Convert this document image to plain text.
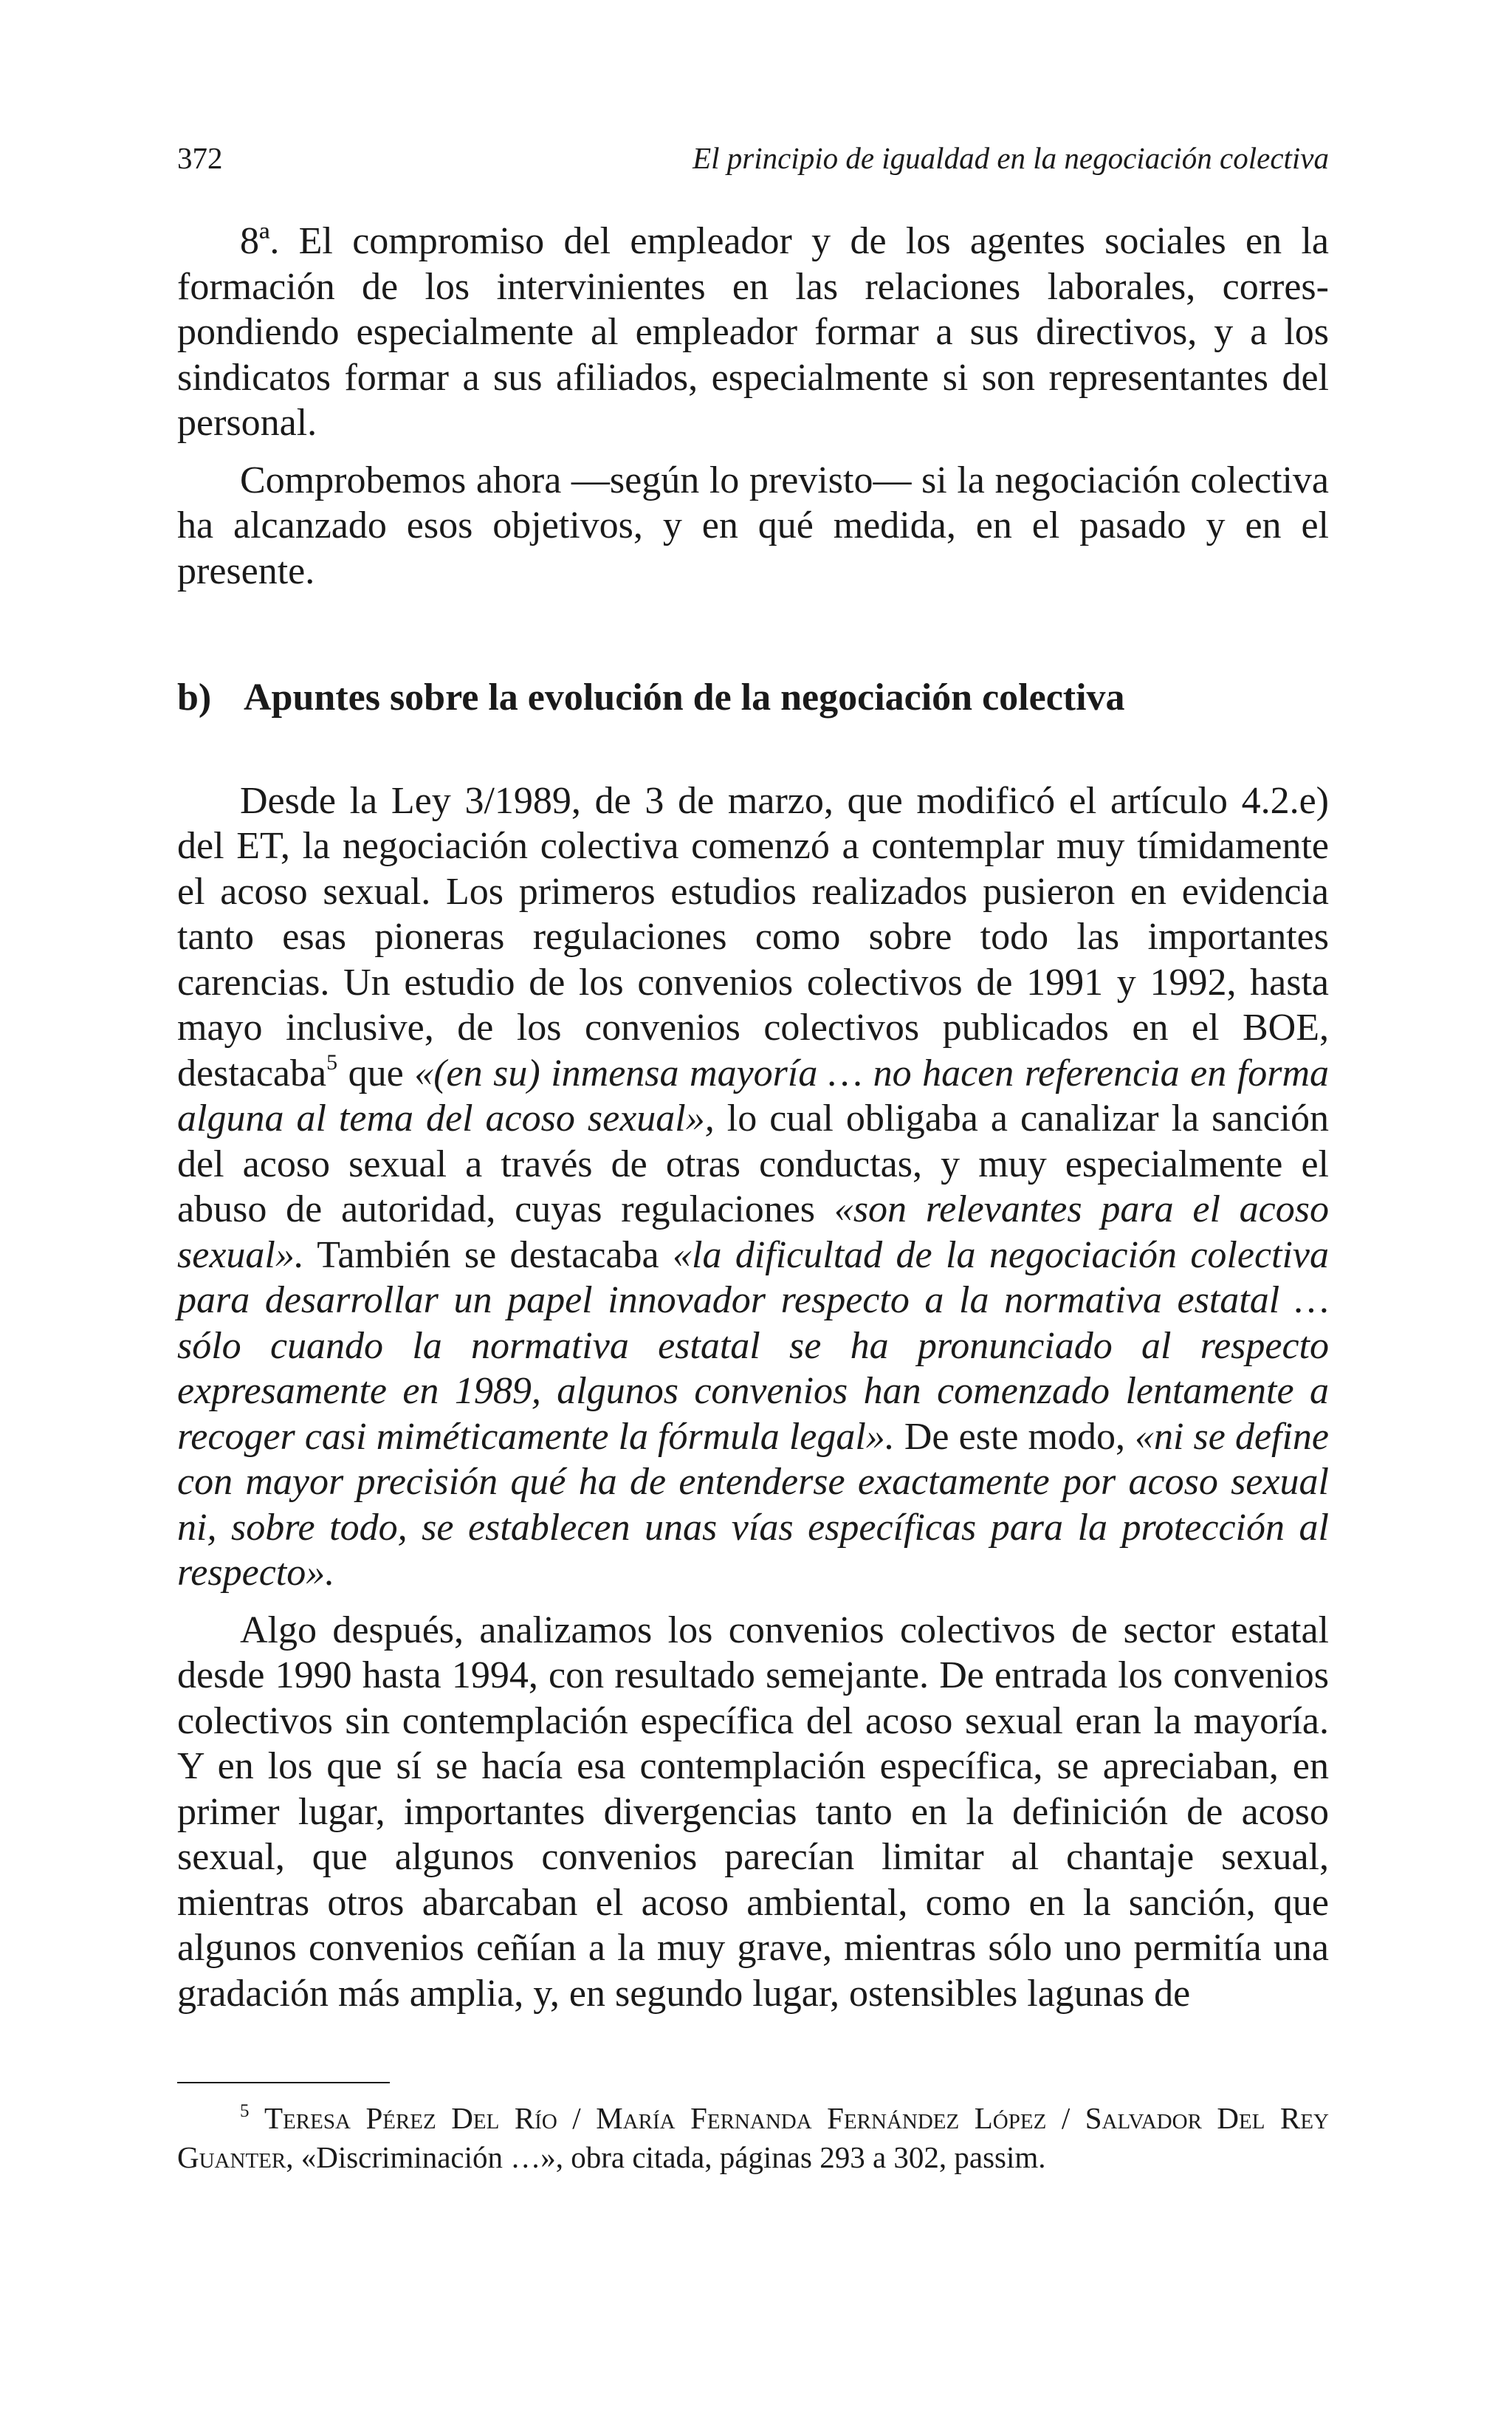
372	El principio de igualdad en la negociación colectiva

8ª. El compromiso del empleador y de los agentes sociales en la formación de los intervinientes en las relaciones laborales, correspondiendo especialmente al empleador formar a sus directivos, y a los sindicatos formar a sus afiliados, especialmente si son representantes del personal.

Comprobemos ahora —según lo previsto— si la negociación colectiva ha alcanzado esos objetivos, y en qué medida, en el pasado y en el presente.

b) Apuntes sobre la evolución de la negociación colectiva

Desde la Ley 3/1989, de 3 de marzo, que modificó el artículo 4.2.e) del ET, la negociación colectiva comenzó a contemplar muy tímidamente el acoso sexual. Los primeros estudios realizados pusieron en evidencia tanto esas pioneras regulaciones como sobre todo las importantes carencias. Un estudio de los convenios colectivos de 1991 y 1992, hasta mayo inclusive, de los convenios colectivos publicados en el BOE, destacaba$^5$ que «(en su) inmensa mayoría … no hacen referencia en forma alguna al tema del acoso sexual», lo cual obligaba a canalizar la sanción del acoso sexual a través de otras conductas, y muy especialmente el abuso de autoridad, cuyas regulaciones «son relevantes para el acoso sexual». También se destacaba «la dificultad de la negociación colectiva para desarrollar un papel innovador respecto a la normativa estatal … sólo cuando la normativa estatal se ha pronunciado al respecto expresamente en 1989, algunos convenios han comenzado lentamente a recoger casi miméticamente la fórmula legal». De este modo, «ni se define con mayor precisión qué ha de entenderse exactamente por acoso sexual ni, sobre todo, se establecen unas vías específicas para la protección al respecto».

Algo después, analizamos los convenios colectivos de sector estatal desde 1990 hasta 1994, con resultado semejante. De entrada los convenios colectivos sin contemplación específica del acoso sexual eran la mayoría. Y en los que sí se hacía esa contemplación específica, se apreciaban, en primer lugar, importantes divergencias tanto en la definición de acoso sexual, que algunos convenios parecían limitar al chantaje sexual, mientras otros abarcaban el acoso ambiental, como en la sanción, que algunos convenios ceñían a la muy grave, mientras sólo uno permitía una gradación más amplia, y, en segundo lugar, ostensibles lagunas de

$^5$ Teresa Pérez Del Río / María Fernanda Fernández López / Salvador Del Rey Guanter, «Discriminación …», obra citada, páginas 293 a 302, passim.
